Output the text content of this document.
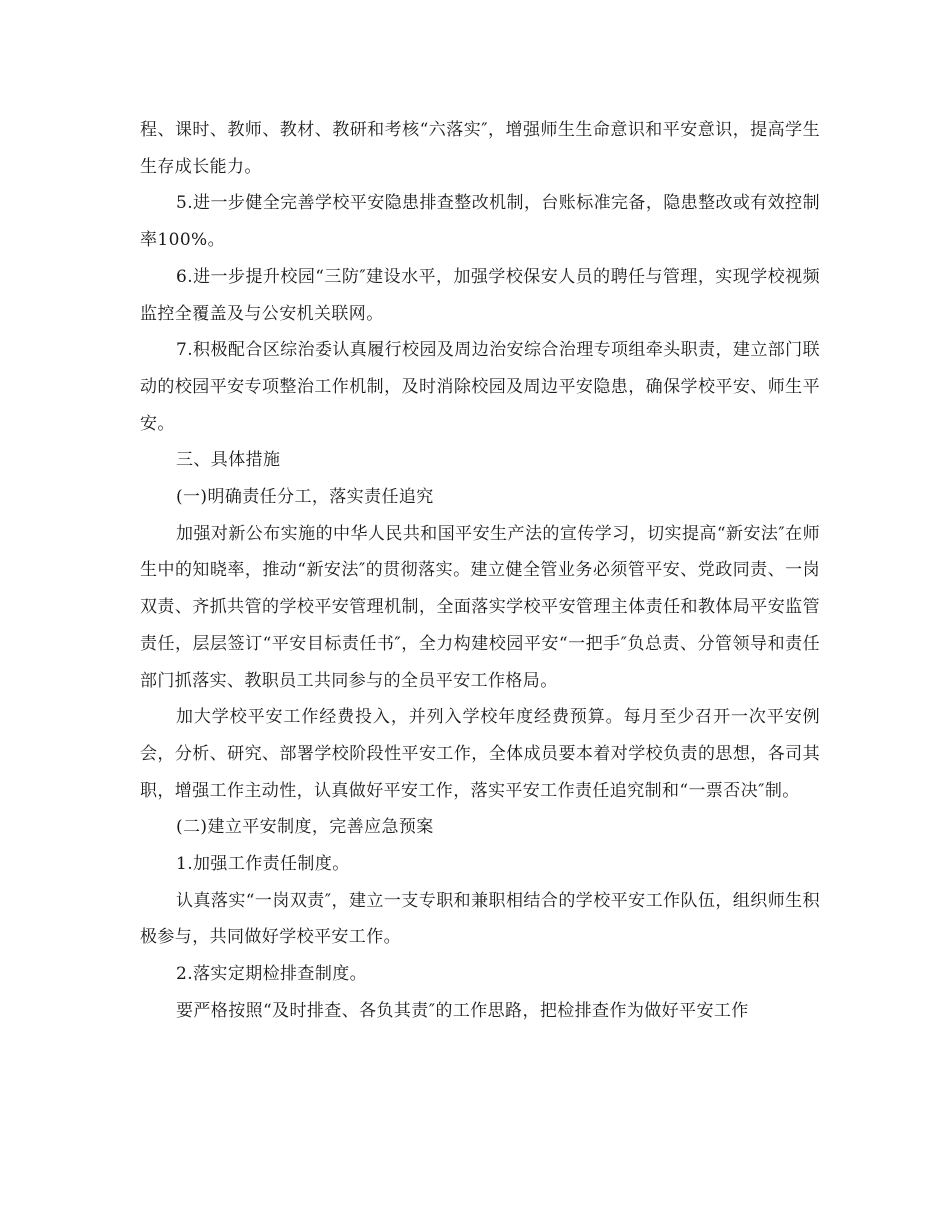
程、课时、教师、教材、教研和考核“六落实″，增强师生生命意识和平安意识，提高学生生存成长能力。

5.进一步健全完善学校平安隐患排查整改机制，台账标准完备，隐患整改或有效控制率100%。

6.进一步提升校园“三防″建设水平，加强学校保安人员的聘任与管理，实现学校视频监控全覆盖及与公安机关联网。

7.积极配合区综治委认真履行校园及周边治安综合治理专项组牵头职责，建立部门联动的校园平安专项整治工作机制，及时消除校园及周边平安隐患，确保学校平安、师生平安。

三、具体措施

(一)明确责任分工，落实责任追究

加强对新公布实施的中华人民共和国平安生产法的宣传学习，切实提高“新安法″在师生中的知晓率，推动“新安法″的贯彻落实。建立健全管业务必须管平安、党政同责、一岗双责、齐抓共管的学校平安管理机制，全面落实学校平安管理主体责任和教体局平安监管责任，层层签订“平安目标责任书″，全力构建校园平安“一把手″负总责、分管领导和责任部门抓落实、教职员工共同参与的全员平安工作格局。

加大学校平安工作经费投入，并列入学校年度经费预算。每月至少召开一次平安例会，分析、研究、部署学校阶段性平安工作，全体成员要本着对学校负责的思想，各司其职，增强工作主动性，认真做好平安工作，落实平安工作责任追究制和“一票否决″制。

(二)建立平安制度，完善应急预案

1.加强工作责任制度。

认真落实“一岗双责″，建立一支专职和兼职相结合的学校平安工作队伍，组织师生积极参与，共同做好学校平安工作。

2.落实定期检排查制度。

要严格按照“及时排查、各负其责″的工作思路，把检排查作为做好平安工作
